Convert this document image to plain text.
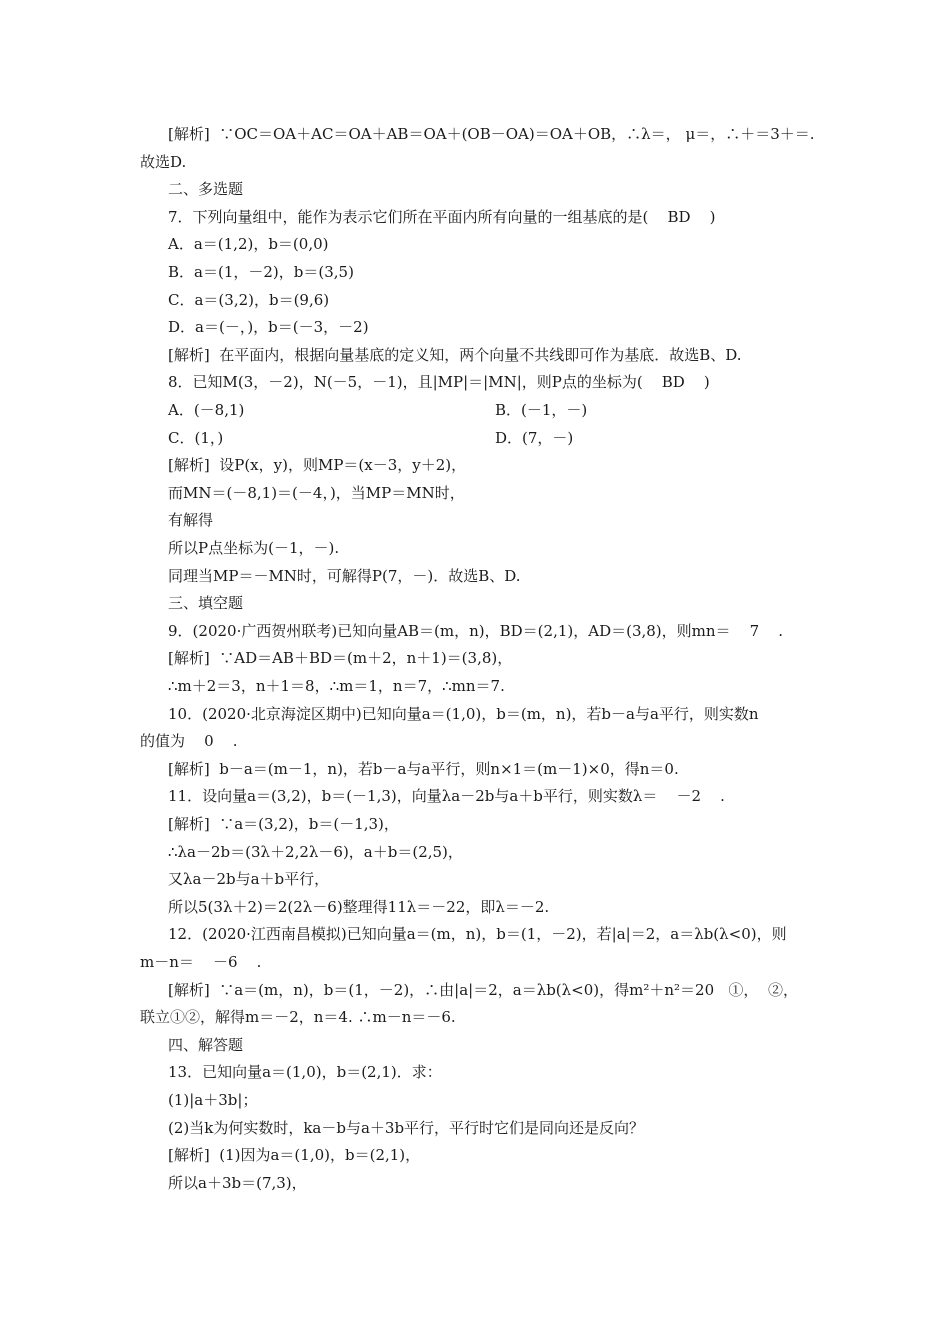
[解析]  ∵OC＝OA＋AC＝OA＋AB＝OA＋(OB－OA)＝OA＋OB，∴λ＝， μ＝，∴＋＝3＋＝.
故选D.
二、多选题
7．下列向量组中，能作为表示它们所在平面内所有向量的一组基底的是(    BD    )
A．a＝(1,2)，b＝(0,0)
B．a＝(1，－2)，b＝(3,5)
C．a＝(3,2)，b＝(9,6)
D．a＝(－，)，b＝(－3，－2)
[解析]  在平面内，根据向量基底的定义知，两个向量不共线即可作为基底．故选B、D.
8．已知M(3，－2)，N(－5，－1)，且|MP|＝|MN|，则P点的坐标为(    BD    )
A．(－8,1)	B．(－1，－)
C．(1，)	D．(7，－)
[解析]  设P(x，y)，则MP＝(x－3，y＋2)，
而MN＝(－8,1)＝(－4，)，当MP＝MN时，
有解得
所以P点坐标为(－1，－).
同理当MP＝－MN时，可解得P(7，－)．故选B、D.
三、填空题
9．(2020·广西贺州联考)已知向量AB＝(m，n)，BD＝(2,1)，AD＝(3,8)，则mn＝    7    .
[解析]  ∵AD＝AB＋BD＝(m＋2，n＋1)＝(3,8)，
∴m＋2＝3，n＋1＝8，∴m＝1，n＝7，∴mn＝7.
10．(2020·北京海淀区期中)已知向量a＝(1,0)，b＝(m，n)，若b－a与a平行，则实数n
的值为    0    .
[解析]  b－a＝(m－1，n)，若b－a与a平行，则n×1＝(m－1)×0，得n＝0.
11．设向量a＝(3,2)，b＝(－1,3)，向量λa－2b与a＋b平行，则实数λ＝    －2    .
[解析]  ∵a＝(3,2)，b＝(－1,3)，
∴λa－2b＝(3λ＋2,2λ－6)，a＋b＝(2,5)，
又λa－2b与a＋b平行，
所以5(3λ＋2)＝2(2λ－6)整理得11λ＝－22，即λ＝－2.
12．(2020·江西南昌模拟)已知向量a＝(m，n)，b＝(1，－2)，若|a|＝2，a＝λb(λ<0)，则
m－n＝    －6    .
[解析]  ∵a＝(m，n)，b＝(1，－2)，∴由|a|＝2，a＝λb(λ<0)，得m²＋n²＝20   ①，  ②，
联立①②，解得m＝－2，n＝4. ∴m－n＝－6.
四、解答题
13．已知向量a＝(1,0)，b＝(2,1)．求：
(1)|a＋3b|；
(2)当k为何实数时，ka－b与a＋3b平行，平行时它们是同向还是反向？
[解析]  (1)因为a＝(1,0)，b＝(2,1)，
所以a＋3b＝(7,3)，
